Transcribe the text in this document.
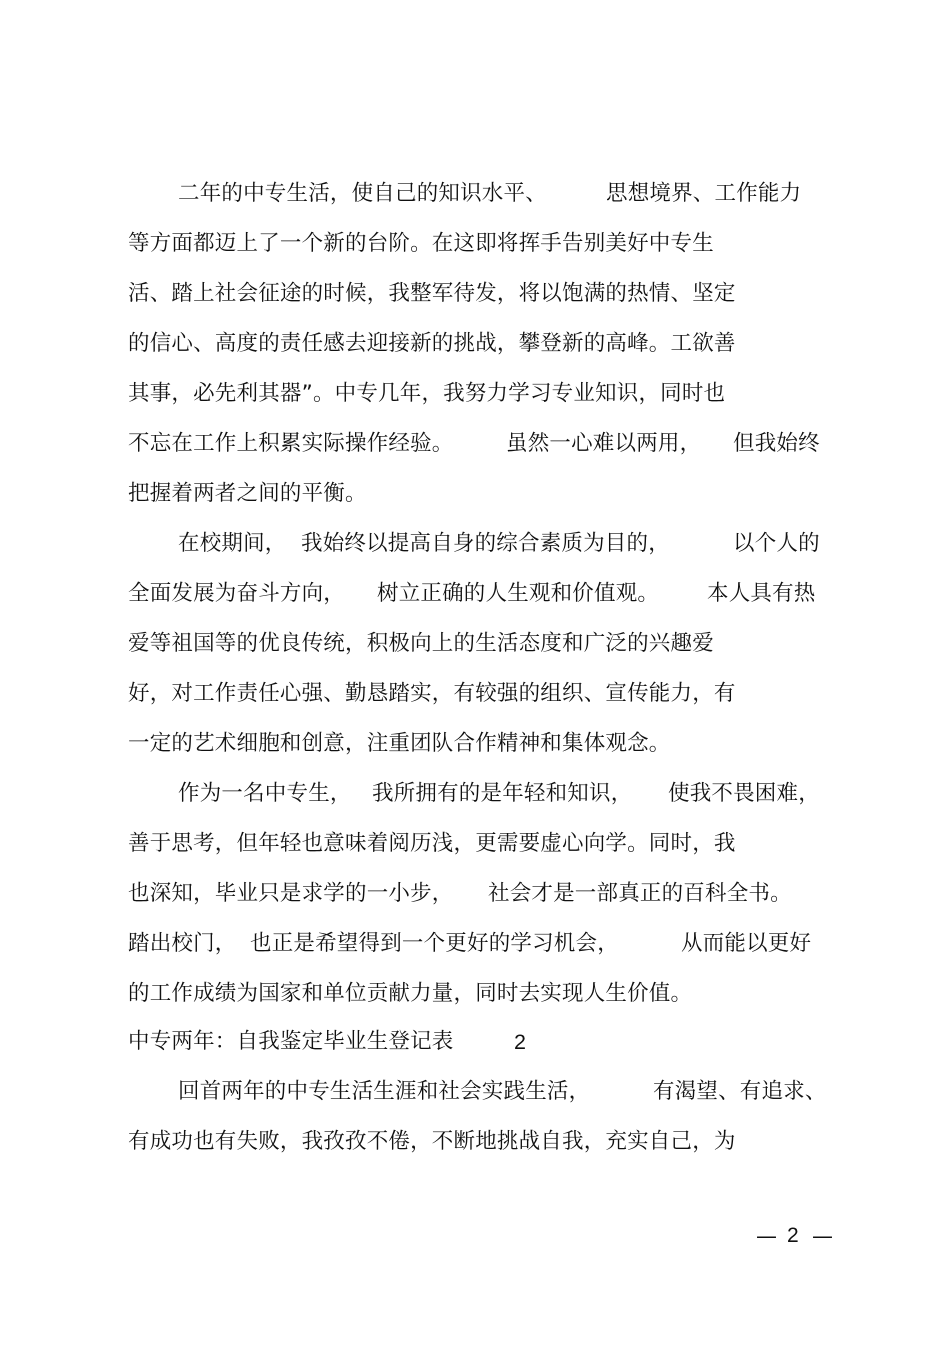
二年的中专生活，使自己的知识水平、

	思想境界、工作能力

等方面都迈上了一个新的台阶。在这即将挥手告别美好中专生

活、踏上社会征途的时候，我整军待发，将以饱满的热情、坚定

的信心、高度的责任感去迎接新的挑战，攀登新的高峰。工欲善

其事，必先利其器”。中专几年，我努力学习专业知识，同时也

不忘在工作上积累实际操作经验。

虽然一心难以两用，

但我始终

把握着两者之间的平衡。

在校期间，

我始终以提高自身的综合素质为目的，

	以个人的

全面发展为奋斗方向，

树立正确的人生观和价值观。

本人具有热

爱等祖国等的优良传统，积极向上的生活态度和广泛的兴趣爱

好，对工作责任心强、勤恳踏实，有较强的组织、宣传能力，有

一定的艺术细胞和创意，注重团队合作精神和集体观念。

作为一名中专生，

我所拥有的是年轻和知识，

使我不畏困难，

善于思考，但年轻也意味着阅历浅，更需要虚心向学。同时，我

也深知，毕业只是求学的一小步，

社会才是一部真正的百科全书。

踏出校门，

也正是希望得到一个更好的学习机会，

	从而能以更好

的工作成绩为国家和单位贡献力量，同时去实现人生价值。

中专两年：自我鉴定毕业生登记表

	2

回首两年的中专生活生涯和社会实践生活，

	有渴望、有追求、

有成功也有失败，我孜孜不倦，不断地挑战自我，充实自己，为

— 2 —
